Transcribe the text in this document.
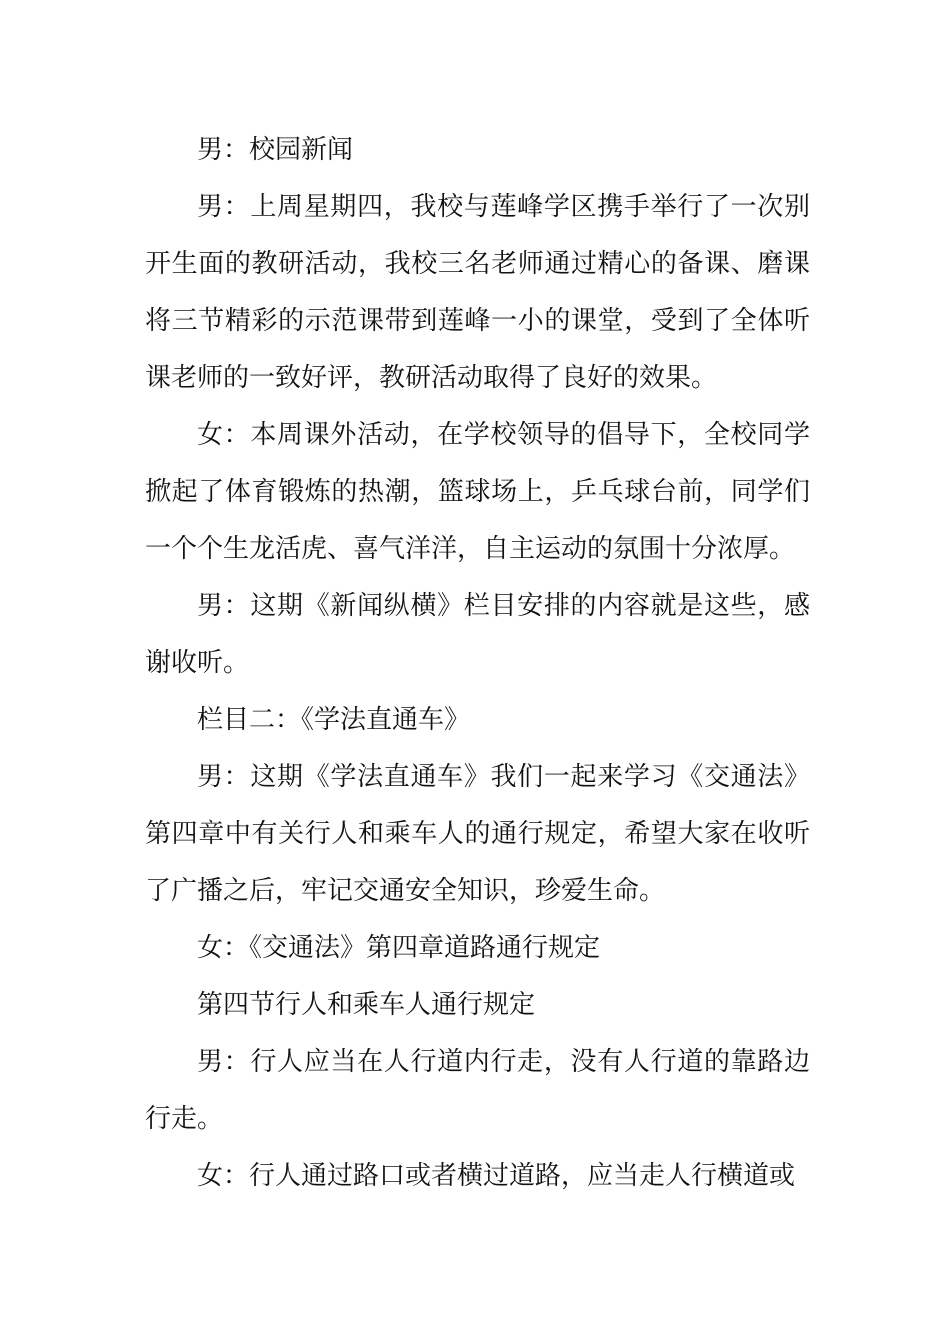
男：校园新闻

男：上周星期四，我校与莲峰学区携手举行了一次别开生面的教研活动，我校三名老师通过精心的备课、磨课将三节精彩的示范课带到莲峰一小的课堂，受到了全体听课老师的一致好评，教研活动取得了良好的效果。

女：本周课外活动，在学校领导的倡导下，全校同学掀起了体育锻炼的热潮，篮球场上，乒乓球台前，同学们一个个生龙活虎、喜气洋洋，自主运动的氛围十分浓厚。

男：这期《新闻纵横》栏目安排的内容就是这些，感谢收听。

栏目二：《学法直通车》

男：这期《学法直通车》我们一起来学习《交通法》第四章中有关行人和乘车人的通行规定，希望大家在收听了广播之后，牢记交通安全知识，珍爱生命。

女：《交通法》第四章道路通行规定

第四节行人和乘车人通行规定

男：行人应当在人行道内行走，没有人行道的靠路边行走。

女：行人通过路口或者横过道路，应当走人行横道或
